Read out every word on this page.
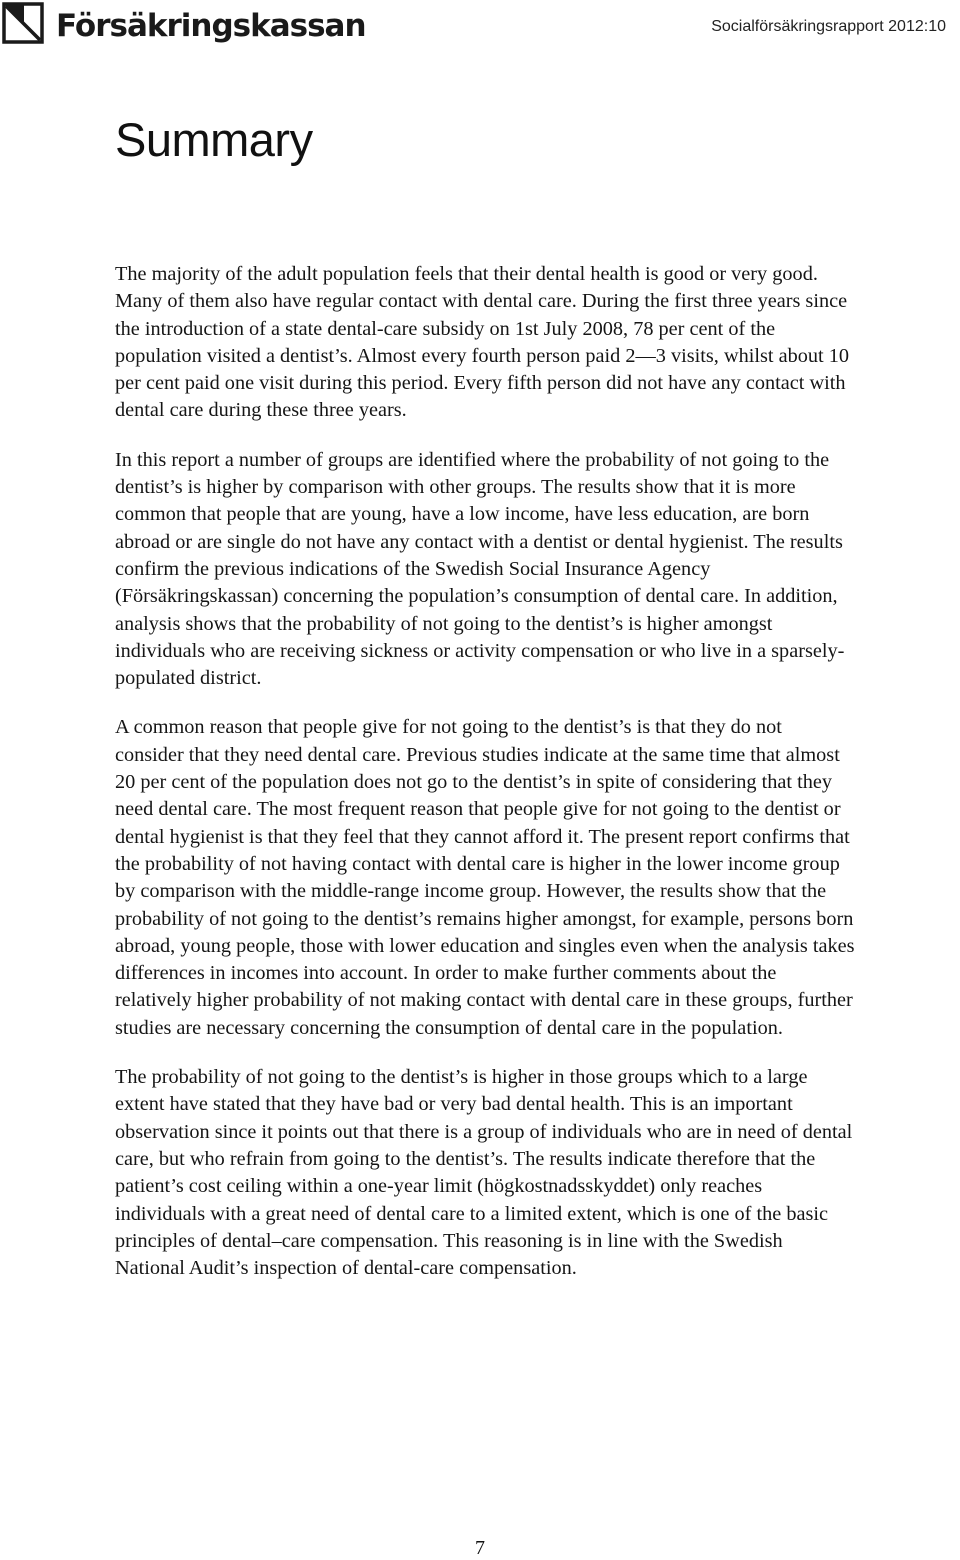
Försäkringskassan	Socialförsäkringsrapport 2012:10
Summary

The majority of the adult population feels that their dental health is good or very good. Many of them also have regular contact with dental care. During the first three years since the introduction of a state dental-care subsidy on 1st July 2008, 78 per cent of the population visited a dentist’s. Almost every fourth person paid 2—3 visits, whilst about 10 per cent paid one visit during this period. Every fifth person did not have any contact with dental care during these three years.

In this report a number of groups are identified where the probability of not going to the dentist’s is higher by comparison with other groups. The results show that it is more common that people that are young, have a low income, have less education, are born abroad or are single do not have any contact with a dentist or dental hygienist. The results confirm the previous indications of the Swedish Social Insurance Agency (Försäkringskassan) concerning the population’s consumption of dental care. In addition, analysis shows that the probability of not going to the dentist’s is higher amongst individuals who are receiving sickness or activity compensation or who live in a sparsely-populated district.

A common reason that people give for not going to the dentist’s is that they do not consider that they need dental care. Previous studies indicate at the same time that almost 20 per cent of the population does not go to the dentist’s in spite of considering that they need dental care. The most frequent reason that people give for not going to the dentist or dental hygienist is that they feel that they cannot afford it. The present report confirms that the probability of not having contact with dental care is higher in the lower income group by comparison with the middle-range income group. However, the results show that the probability of not going to the dentist’s remains higher amongst, for example, persons born abroad, young people, those with lower education and singles even when the analysis takes differences in incomes into account. In order to make further comments about the relatively higher probability of not making contact with dental care in these groups, further studies are necessary concerning the consumption of dental care in the population.

The probability of not going to the dentist’s is higher in those groups which to a large extent have stated that they have bad or very bad dental health. This is an important observation since it points out that there is a group of individuals who are in need of dental care, but who refrain from going to the dentist’s. The results indicate therefore that the patient’s cost ceiling within a one-year limit (högkostnadsskyddet) only reaches individuals with a great need of dental care to a limited extent, which is one of the basic principles of dental–care compensation. This reasoning is in line with the Swedish National Audit’s inspection of dental-care compensation.

7
